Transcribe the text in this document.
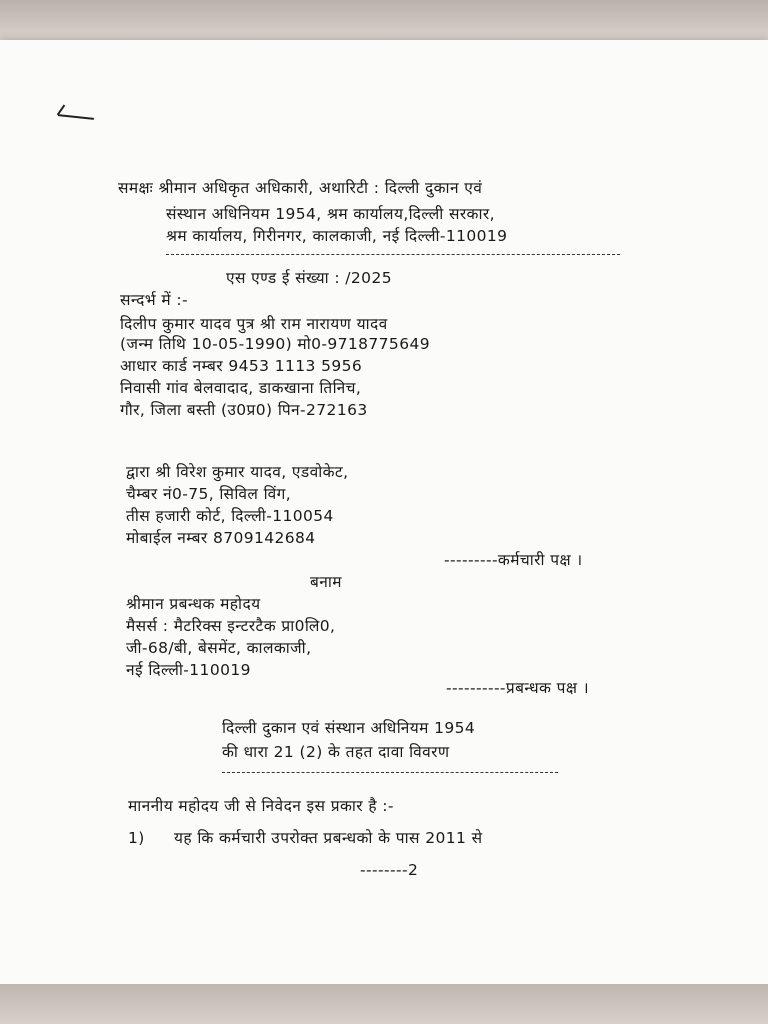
समक्षः श्रीमान अधिकृत अधिकारी, अथारिटी : दिल्ली दुकान एवं
संस्थान अधिनियम 1954, श्रम कार्यालय,दिल्ली सरकार,
श्रम कार्यालय, गिरीनगर, कालकाजी, नई दिल्ली-110019
एस एण्ड ई संख्या : /2025
सन्दर्भ में :-
दिलीप कुमार यादव पुत्र श्री राम नारायण यादव
(जन्म तिथि 10-05-1990) मो0-9718775649
आधार कार्ड नम्बर 9453 1113 5956
निवासी गांव बेलवादाद, डाकखाना तिनिच,
गौर, जिला बस्ती (उ0प्र0) पिन-272163
द्वारा श्री विरेश कुमार यादव, एडवोकेट,
चैम्बर नं0-75, सिविल विंग,
तीस हजारी कोर्ट, दिल्ली-110054
मोबाईल नम्बर 8709142684
---------कर्मचारी पक्ष ।
बनाम
श्रीमान प्रबन्धक महोदय
मैसर्स : मैटरिक्स इन्टरटैक प्रा0लि0,
जी-68/बी, बेसमेंट, कालकाजी,
नई दिल्ली-110019
----------प्रबन्धक पक्ष ।
दिल्ली दुकान एवं संस्थान अधिनियम 1954
की धारा 21 (2) के तहत दावा विवरण
माननीय महोदय जी से निवेदन इस प्रकार है :-
1) यह कि कर्मचारी उपरोक्त प्रबन्धको के पास 2011 से
--------2
